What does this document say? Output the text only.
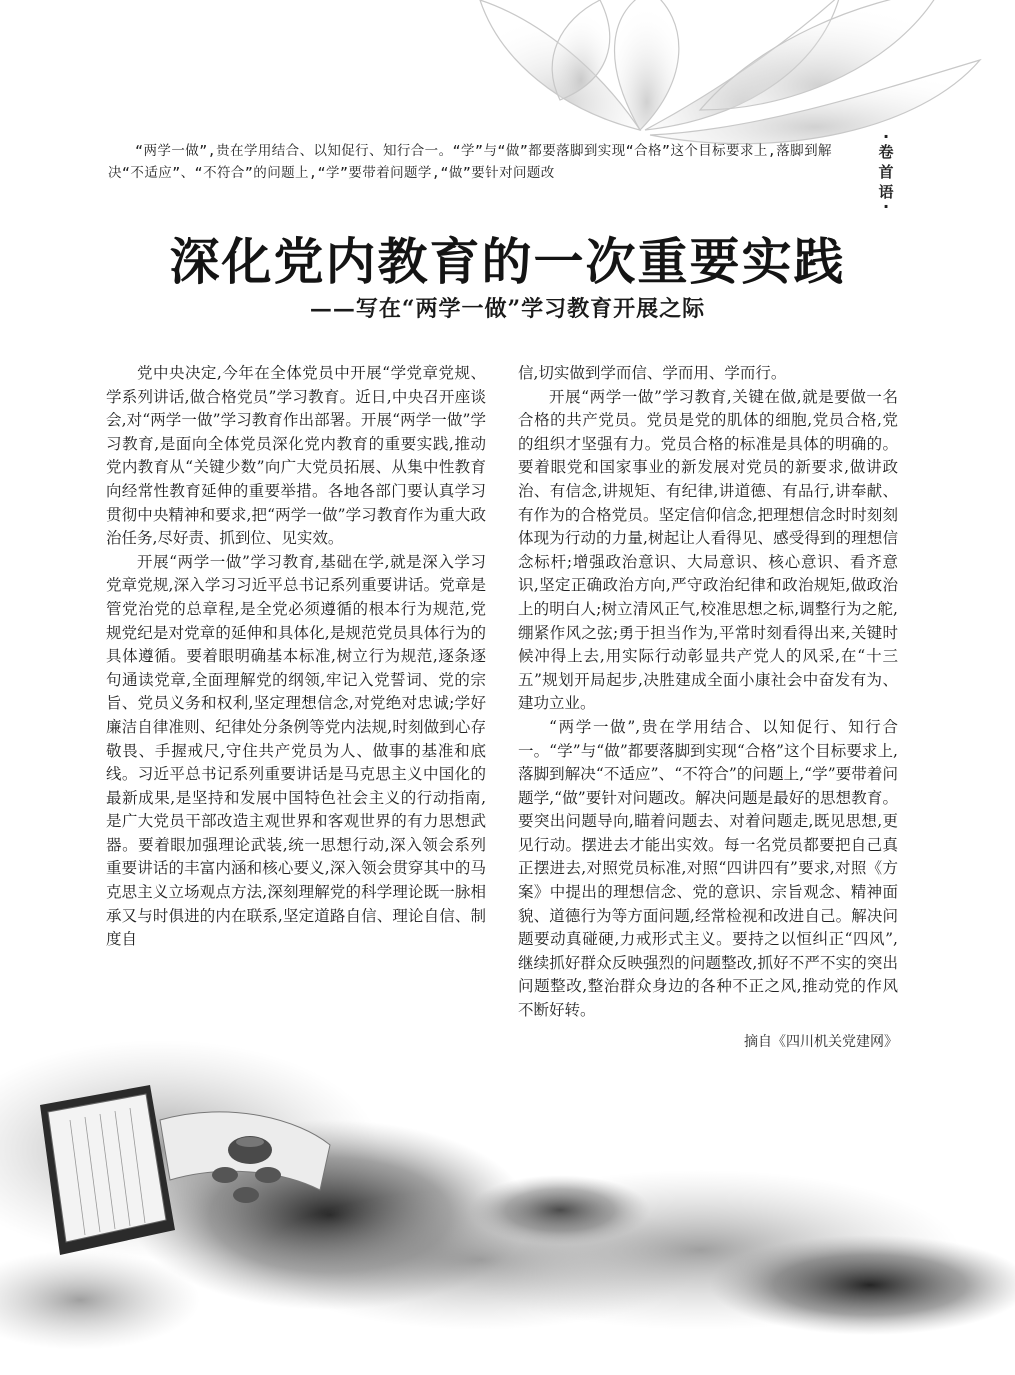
“两学一做”,贵在学用结合、以知促行、知行合一。“学”与“做”都要落脚到实现“合格”这个目标要求上,落脚到解决“不适应”、“不符合”的问题上,“学”要带着问题学,“做”要针对问题改

·
卷
首
语
·
深化党内教育的一次重要实践
——写在“两学一做”学习教育开展之际

党中央决定,今年在全体党员中开展“学党章党规、学系列讲话,做合格党员”学习教育。近日,中央召开座谈会,对“两学一做”学习教育作出部署。开展“两学一做”学习教育,是面向全体党员深化党内教育的重要实践,推动党内教育从“关键少数”向广大党员拓展、从集中性教育向经常性教育延伸的重要举措。各地各部门要认真学习贯彻中央精神和要求,把“两学一做”学习教育作为重大政治任务,尽好责、抓到位、见实效。

开展“两学一做”学习教育,基础在学,就是深入学习党章党规,深入学习习近平总书记系列重要讲话。党章是管党治党的总章程,是全党必须遵循的根本行为规范,党规党纪是对党章的延伸和具体化,是规范党员具体行为的具体遵循。要着眼明确基本标准,树立行为规范,逐条逐句通读党章,全面理解党的纲领,牢记入党誓词、党的宗旨、党员义务和权利,坚定理想信念,对党绝对忠诚;学好廉洁自律准则、纪律处分条例等党内法规,时刻做到心存敬畏、手握戒尺,守住共产党员为人、做事的基准和底线。习近平总书记系列重要讲话是马克思主义中国化的最新成果,是坚持和发展中国特色社会主义的行动指南,是广大党员干部改造主观世界和客观世界的有力思想武器。要着眼加强理论武装,统一思想行动,深入领会系列重要讲话的丰富内涵和核心要义,深入领会贯穿其中的马克思主义立场观点方法,深刻理解党的科学理论既一脉相承又与时俱进的内在联系,坚定道路自信、理论自信、制度自

信,切实做到学而信、学而用、学而行。

开展“两学一做”学习教育,关键在做,就是要做一名合格的共产党员。党员是党的肌体的细胞,党员合格,党的组织才坚强有力。党员合格的标准是具体的明确的。要着眼党和国家事业的新发展对党员的新要求,做讲政治、有信念,讲规矩、有纪律,讲道德、有品行,讲奉献、有作为的合格党员。坚定信仰信念,把理想信念时时刻刻体现为行动的力量,树起让人看得见、感受得到的理想信念标杆;增强政治意识、大局意识、核心意识、看齐意识,坚定正确政治方向,严守政治纪律和政治规矩,做政治上的明白人;树立清风正气,校准思想之标,调整行为之舵,绷紧作风之弦;勇于担当作为,平常时刻看得出来,关键时候冲得上去,用实际行动彰显共产党人的风采,在“十三五”规划开局起步,决胜建成全面小康社会中奋发有为、建功立业。

“两学一做”,贵在学用结合、以知促行、知行合一。“学”与“做”都要落脚到实现“合格”这个目标要求上,落脚到解决“不适应”、“不符合”的问题上,“学”要带着问题学,“做”要针对问题改。解决问题是最好的思想教育。要突出问题导向,瞄着问题去、对着问题走,既见思想,更见行动。摆进去才能出实效。每一名党员都要把自己真正摆进去,对照党员标准,对照“四讲四有”要求,对照《方案》中提出的理想信念、党的意识、宗旨观念、精神面貌、道德行为等方面问题,经常检视和改进自己。解决问题要动真碰硬,力戒形式主义。要持之以恒纠正“四风”,继续抓好群众反映强烈的问题整改,抓好不严不实的突出问题整改,整治群众身边的各种不正之风,推动党的作风不断好转。

摘自《四川机关党建网》
